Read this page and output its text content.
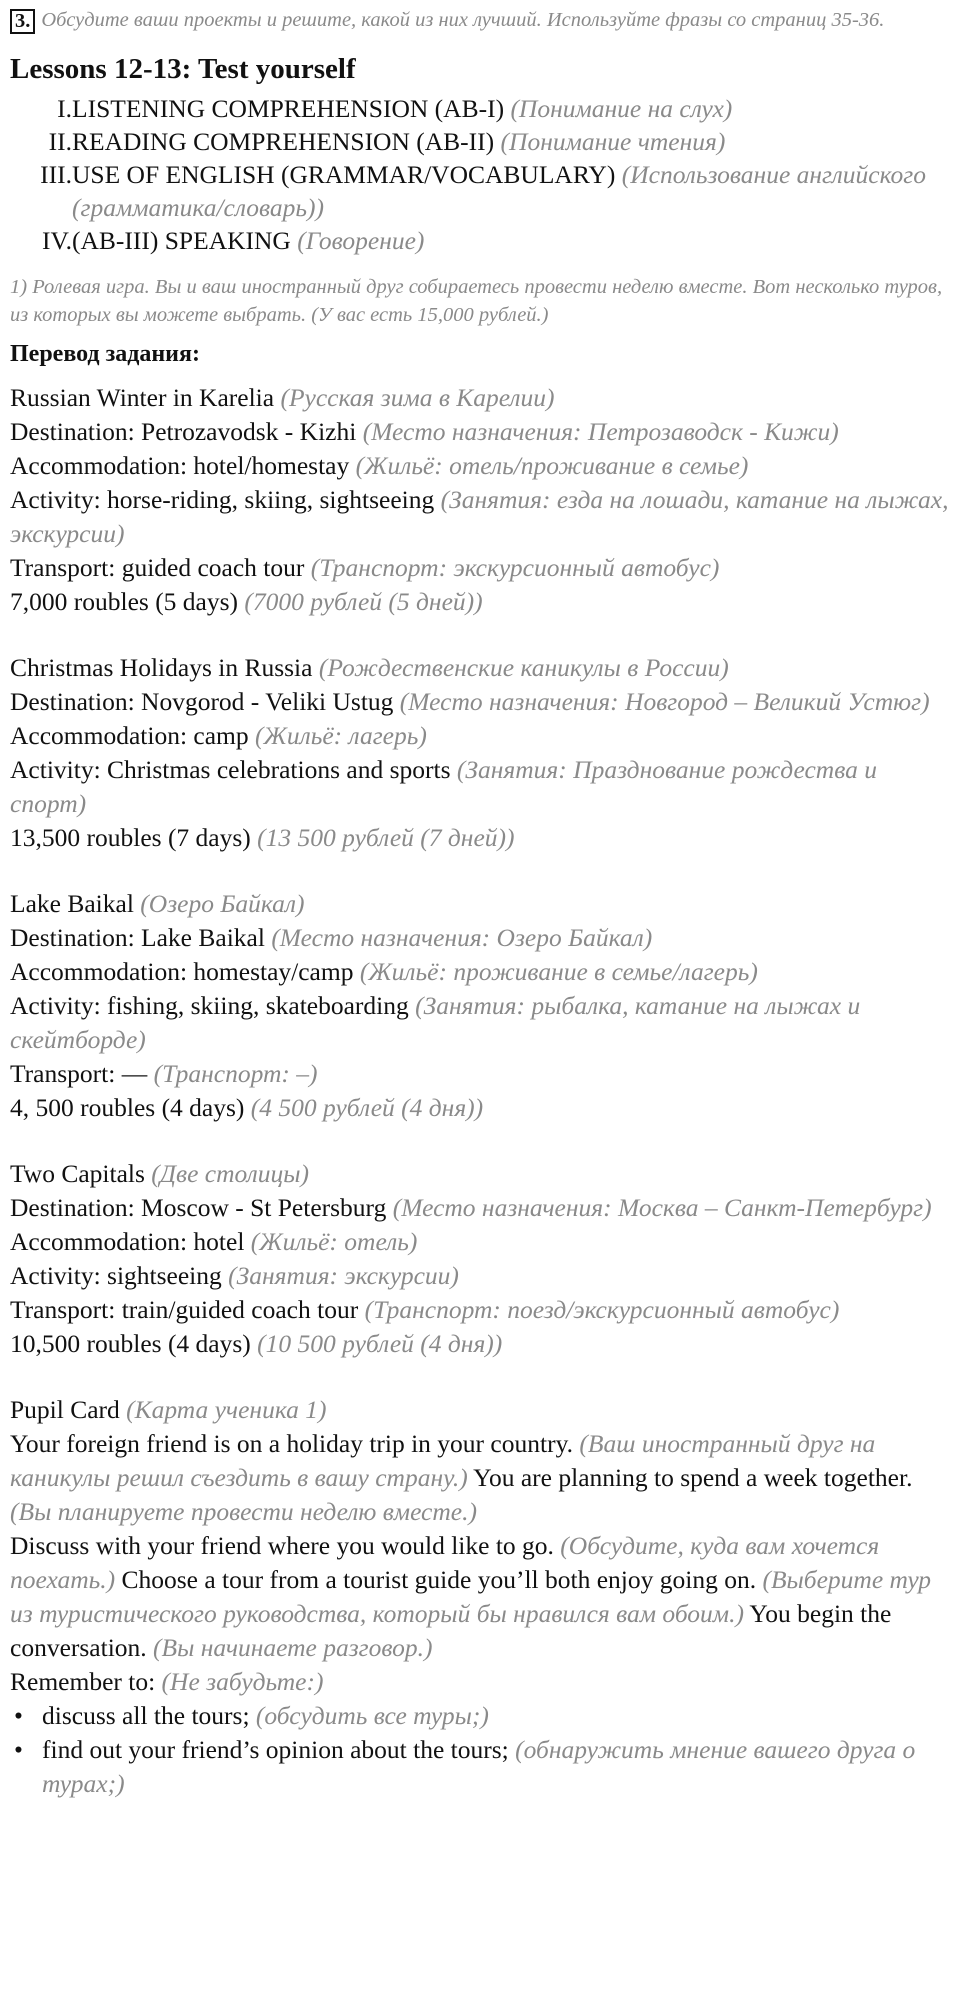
3. Обсудите ваши проекты и решите, какой из них лучший. Используйте фразы со страниц 35-36.
Lessons 12-13: Test yourself
I. LISTENING COMPREHENSION (AB-I) (Понимание на слух)
II. READING COMPREHENSION (AB-II) (Понимание чтения)
III. USE OF ENGLISH (GRAMMAR/VOCABULARY) (Использование английского (грамматика/словарь))
IV. (AB-III) SPEAKING (Говорение)
1) Ролевая игра. Вы и ваш иностранный друг собираетесь провести неделю вместе. Вот несколько туров, из которых вы можете выбрать. (У вас есть 15,000 рублей.)
Перевод задания:

Russian Winter in Karelia (Русская зима в Карелии)

Destination: Petrozavodsk - Kizhi (Место назначения: Петрозаводск - Кижи)

Accommodation: hotel/homestay (Жильё: отель/проживание в семье)

Activity: horse-riding, skiing, sightseeing (Занятия: езда на лошади, катание на лыжах, экскурсии)

Transport: guided coach tour (Транспорт: экскурсионный автобус)

7,000 roubles (5 days) (7000 рублей (5 дней))

Christmas Holidays in Russia (Рождественские каникулы в России)

Destination: Novgorod - Veliki Ustug (Место назначения: Новгород – Великий Устюг)

Accommodation: camp (Жильё: лагерь)

Activity: Christmas celebrations and sports (Занятия: Празднование рождества и спорт)

13,500 roubles (7 days) (13 500 рублей (7 дней))

Lake Baikal (Озеро Байкал)

Destination: Lake Baikal (Место назначения: Озеро Байкал)

Accommodation: homestay/camp (Жильё: проживание в семье/лагерь)

Activity: fishing, skiing, skateboarding (Занятия: рыбалка, катание на лыжах и скейтборде)

Transport: — (Транспорт: –)

4, 500 roubles (4 days) (4 500 рублей (4 дня))

Two Capitals (Две столицы)

Destination: Moscow - St Petersburg (Место назначения: Москва – Санкт-Петербург)

Accommodation: hotel (Жильё: отель)

Activity: sightseeing (Занятия: экскурсии)

Transport: train/guided coach tour (Транспорт: поезд/экскурсионный автобус)

10,500 roubles (4 days) (10 500 рублей (4 дня))

Pupil Card (Карта ученика 1)

Your foreign friend is on a holiday trip in your country. (Ваш иностранный друг на каникулы решил съездить в вашу страну.) You are planning to spend a week together. (Вы планируете провести неделю вместе.)

Discuss with your friend where you would like to go. (Обсудите, куда вам хочется поехать.) Choose a tour from a tourist guide you’ll both enjoy going on. (Выберите тур из туристического руководства, который бы нравился вам обоим.) You begin the conversation. (Вы начинаете разговор.)

Remember to: (Не забудьте:)

• discuss all the tours; (обсудить все туры;)
• find out your friend’s opinion about the tours; (обнаружить мнение вашего друга о турах;)
